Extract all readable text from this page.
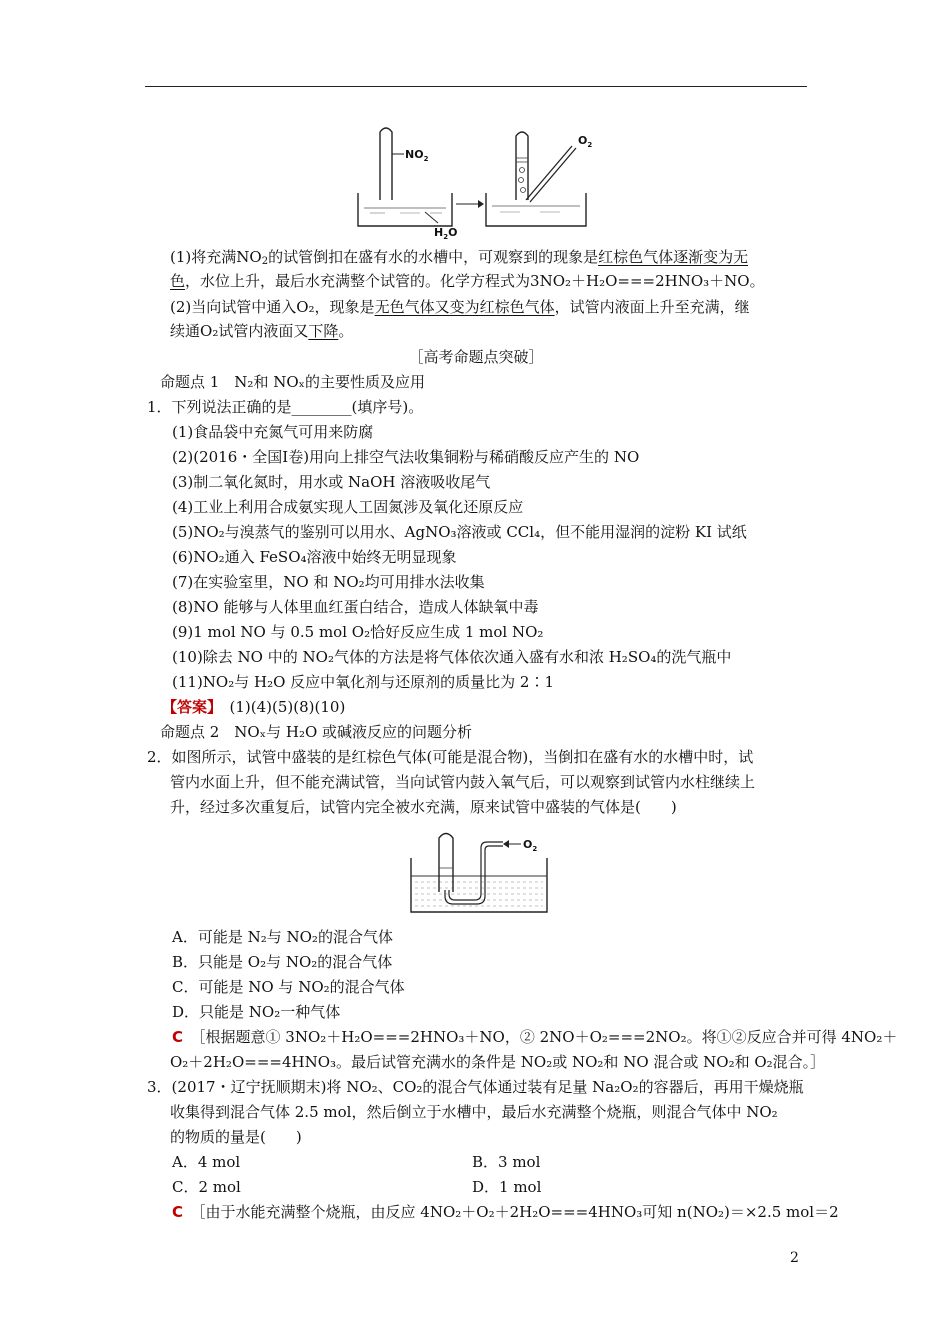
$NO_2$
$H_2O$
$O_2$
(1)将充满$NO_2$的试管倒扣在盛有水的水槽中，可观察到的现象是红棕色气体逐渐变为无
色，水位上升，最后水充满整个试管的。化学方程式为3NO₂＋H₂O===2HNO₃＋NO。
(2)当向试管中通入O₂，现象是无色气体又变为红棕色气体，试管内液面上升至充满，继
续通O₂试管内液面又下降。
［高考命题点突破］
命题点 1　N₂和 NOₓ的主要性质及应用
1．下列说法正确的是________(填序号)。
(1)食品袋中充氮气可用来防腐
(2)(2016・全国Ⅰ卷)用向上排空气法收集铜粉与稀硝酸反应产生的 NO
(3)制二氧化氮时，用水或 NaOH 溶液吸收尾气
(4)工业上利用合成氨实现人工固氮涉及氧化还原反应
(5)NO₂与溴蒸气的鉴别可以用水、AgNO₃溶液或 CCl₄，但不能用湿润的淀粉 KI 试纸
(6)NO₂通入 FeSO₄溶液中始终无明显现象
(7)在实验室里，NO 和 NO₂均可用排水法收集
(8)NO 能够与人体里血红蛋白结合，造成人体缺氧中毒
(9)1 mol NO 与 0.5 mol O₂恰好反应生成 1 mol NO₂
(10)除去 NO 中的 NO₂气体的方法是将气体依次通入盛有水和浓 H₂SO₄的洗气瓶中
(11)NO₂与 H₂O 反应中氧化剂与还原剂的质量比为 2∶1
【答案】　 (1)(4)(5)(8)(10)
命题点 2　NOₓ与 H₂O 或碱液反应的问题分析
2．如图所示，试管中盛装的是红棕色气体(可能是混合物)，当倒扣在盛有水的水槽中时，试
管内水面上升，但不能充满试管，当向试管内鼓入氧气后，可以观察到试管内水柱继续上
升，经过多次重复后，试管内完全被水充满，原来试管中盛装的气体是(　　)
$O_2$
A．可能是 N₂与 NO₂的混合气体
B．只能是 O₂与 NO₂的混合气体
C．可能是 NO 与 NO₂的混合气体
D．只能是 NO₂一种气体
C　 ［根据题意① 3NO₂＋H₂O===2HNO₃＋NO，② 2NO＋O₂===2NO₂。将①②反应合并可得 4NO₂＋
O₂＋2H₂O===4HNO₃。最后试管充满水的条件是 NO₂或 NO₂和 NO 混合或 NO₂和 O₂混合。］
3．(2017・辽宁抚顺期末)将 NO₂、CO₂的混合气体通过装有足量 Na₂O₂的容器后，再用干燥烧瓶
收集得到混合气体 2.5 mol，然后倒立于水槽中，最后水充满整个烧瓶，则混合气体中 NO₂
的物质的量是(　　)
A．4 mol	B．3 mol
C．2 mol	D．1 mol
C　 ［由于水能充满整个烧瓶，由反应 4NO₂＋O₂＋2H₂O===4HNO₃可知 n(NO₂)＝×2.5 mol＝2
2
